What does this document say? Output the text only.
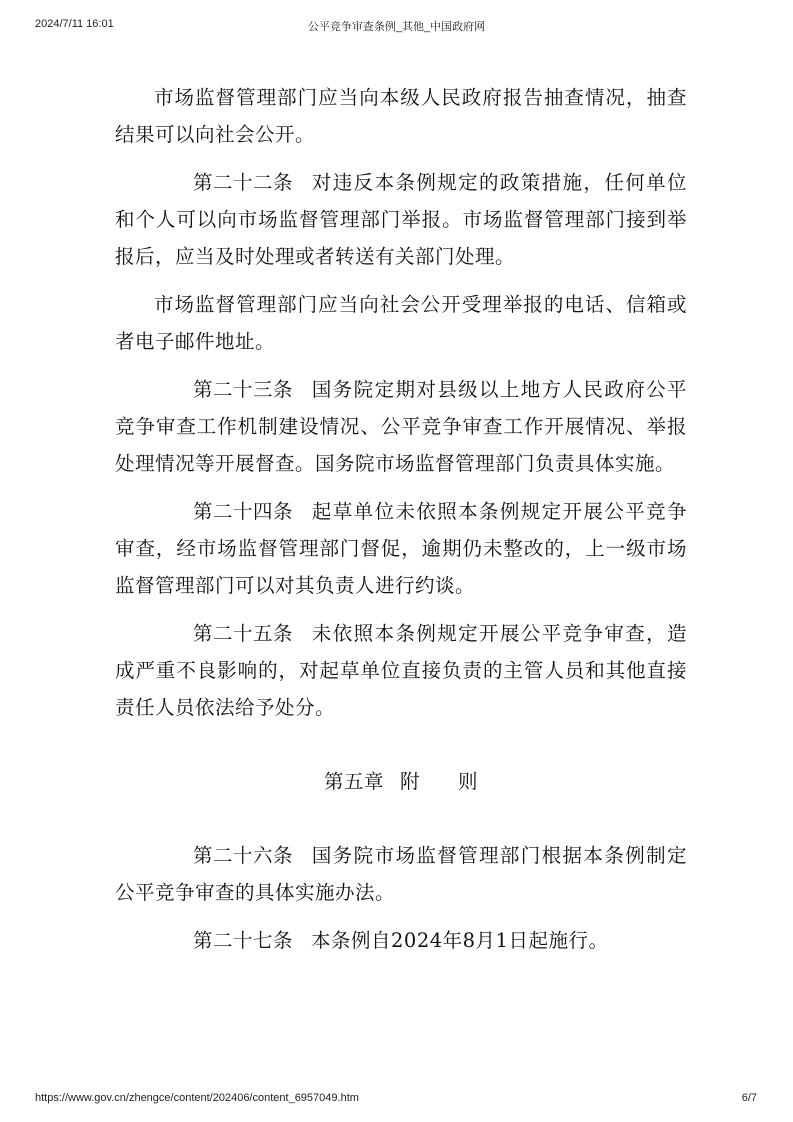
2024/7/11 16:01	公平竞争审查条例_其他_中国政府网

市场监督管理部门应当向本级人民政府报告抽查情况，抽查结果可以向社会公开。

第二十二条 对违反本条例规定的政策措施，任何单位和个人可以向市场监督管理部门举报。市场监督管理部门接到举报后，应当及时处理或者转送有关部门处理。

市场监督管理部门应当向社会公开受理举报的电话、信箱或者电子邮件地址。

第二十三条 国务院定期对县级以上地方人民政府公平竞争审查工作机制建设情况、公平竞争审查工作开展情况、举报处理情况等开展督查。国务院市场监督管理部门负责具体实施。

第二十四条 起草单位未依照本条例规定开展公平竞争审查，经市场监督管理部门督促，逾期仍未整改的，上一级市场监督管理部门可以对其负责人进行约谈。

第二十五条 未依照本条例规定开展公平竞争审查，造成严重不良影响的，对起草单位直接负责的主管人员和其他直接责任人员依法给予处分。

第五章 附 则

第二十六条 国务院市场监督管理部门根据本条例制定公平竞争审查的具体实施办法。

第二十七条 本条例自2024年8月1日起施行。

https://www.gov.cn/zhengce/content/202406/content_6957049.htm	6/7
